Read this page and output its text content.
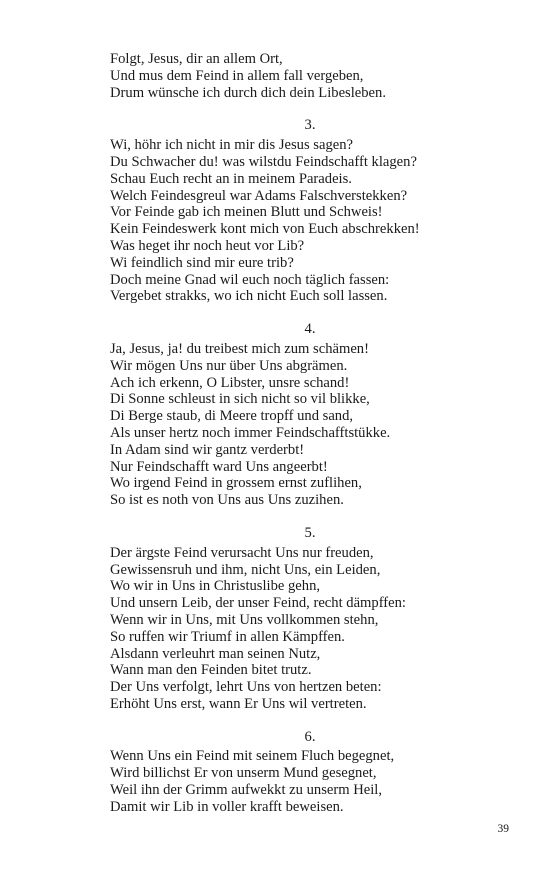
Folgt, Jesus, dir an allem Ort,
Und mus dem Feind in allem fall vergeben,
Drum wünsche ich durch dich dein Libesleben.
3.
Wi, höhr ich nicht in mir dis Jesus sagen?
Du Schwacher du! was wilstdu Feindschafft klagen?
Schau Euch recht an in meinem Paradeis.
Welch Feindesgreul war Adams Falschverstekken?
Vor Feinde gab ich meinen Blutt und Schweis!
Kein Feindeswerk kont mich von Euch abschrekken!
Was heget ihr noch heut vor Lib?
Wi feindlich sind mir eure trib?
Doch meine Gnad wil euch noch täglich fassen:
Vergebet strakks, wo ich nicht Euch soll lassen.
4.
Ja, Jesus, ja! du treibest mich zum schämen!
Wir mögen Uns nur über Uns abgrämen.
Ach ich erkenn, O Libster, unsre schand!
Di Sonne schleust in sich nicht so vil blikke,
Di Berge staub, di Meere tropff und sand,
Als unser hertz noch immer Feindschafftstükke.
In Adam sind wir gantz verderbt!
Nur Feindschafft ward Uns angeerbt!
Wo irgend Feind in grossem ernst zuflihen,
So ist es noth von Uns aus Uns zuzihen.
5.
Der ärgste Feind verursacht Uns nur freuden,
Gewissensruh und ihm, nicht Uns, ein Leiden,
Wo wir in Uns in Christuslibe gehn,
Und unsern Leib, der unser Feind, recht dämpffen:
Wenn wir in Uns, mit Uns vollkommen stehn,
So ruffen wir Triumf in allen Kämpffen.
Alsdann verleuhrt man seinen Nutz,
Wann man den Feinden bitet trutz.
Der Uns verfolgt, lehrt Uns von hertzen beten:
Erhöht Uns erst, wann Er Uns wil vertreten.
6.
Wenn Uns ein Feind mit seinem Fluch begegnet,
Wird billichst Er von unserm Mund gesegnet,
Weil ihn der Grimm aufwekkt zu unserm Heil,
Damit wir Lib in voller krafft beweisen.
39
